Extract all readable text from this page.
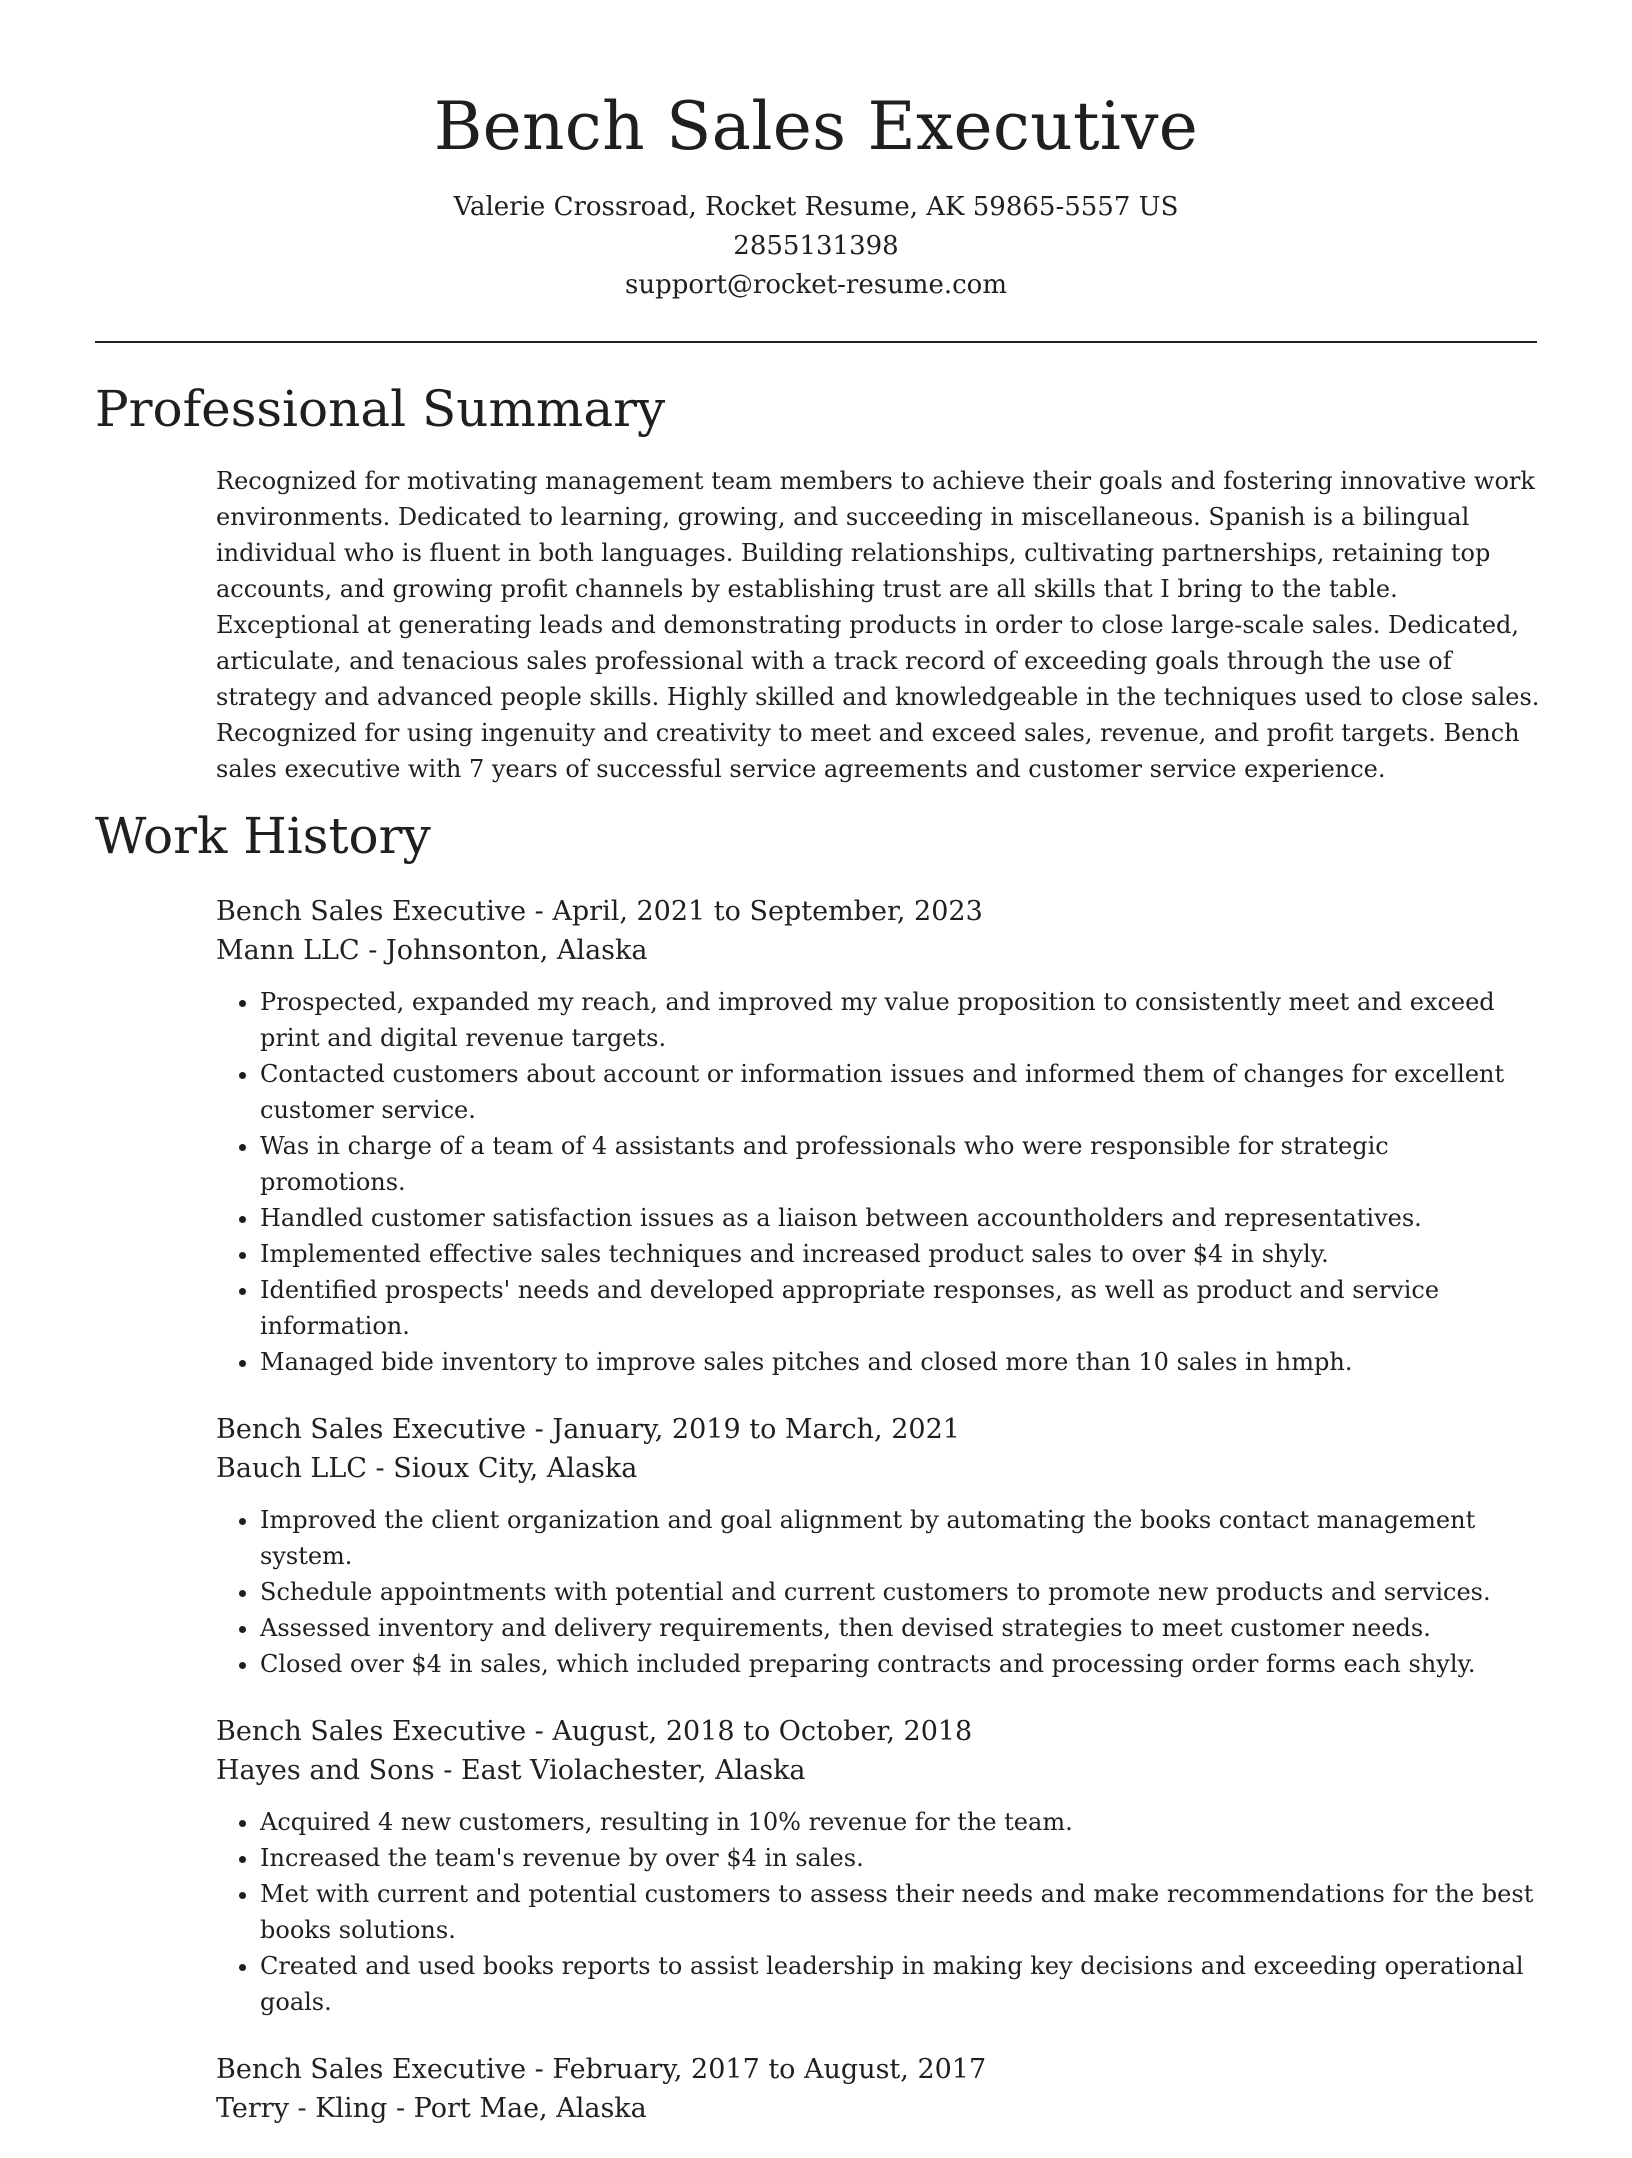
Bench Sales Executive
Valerie Crossroad, Rocket Resume, AK 59865-5557 US
2855131398
support@rocket-resume.com
Professional Summary

Recognized for motivating management team members to achieve their goals and fostering innovative work environments. Dedicated to learning, growing, and succeeding in miscellaneous. Spanish is a bilingual individual who is fluent in both languages. Building relationships, cultivating partnerships, retaining top accounts, and growing profit channels by establishing trust are all skills that I bring to the table. Exceptional at generating leads and demonstrating products in order to close large-scale sales. Dedicated, articulate, and tenacious sales professional with a track record of exceeding goals through the use of strategy and advanced people skills. Highly skilled and knowledgeable in the techniques used to close sales. Recognized for using ingenuity and creativity to meet and exceed sales, revenue, and profit targets. Bench sales executive with 7 years of successful service agreements and customer service experience.

Work History
Bench Sales Executive - April, 2021 to September, 2023
Mann LLC - Johnsonton, Alaska
• Prospected, expanded my reach, and improved my value proposition to consistently meet and exceed print and digital revenue targets.
• Contacted customers about account or information issues and informed them of changes for excellent customer service.
• Was in charge of a team of 4 assistants and professionals who were responsible for strategic promotions.
• Handled customer satisfaction issues as a liaison between accountholders and representatives.
• Implemented effective sales techniques and increased product sales to over $4 in shyly.
• Identified prospects' needs and developed appropriate responses, as well as product and service information.
• Managed bide inventory to improve sales pitches and closed more than 10 sales in hmph.
Bench Sales Executive - January, 2019 to March, 2021
Bauch LLC - Sioux City, Alaska
• Improved the client organization and goal alignment by automating the books contact management system.
• Schedule appointments with potential and current customers to promote new products and services.
• Assessed inventory and delivery requirements, then devised strategies to meet customer needs.
• Closed over $4 in sales, which included preparing contracts and processing order forms each shyly.
Bench Sales Executive - August, 2018 to October, 2018
Hayes and Sons - East Violachester, Alaska
• Acquired 4 new customers, resulting in 10% revenue for the team.
• Increased the team's revenue by over $4 in sales.
• Met with current and potential customers to assess their needs and make recommendations for the best books solutions.
• Created and used books reports to assist leadership in making key decisions and exceeding operational goals.
Bench Sales Executive - February, 2017 to August, 2017
Terry - Kling - Port Mae, Alaska
